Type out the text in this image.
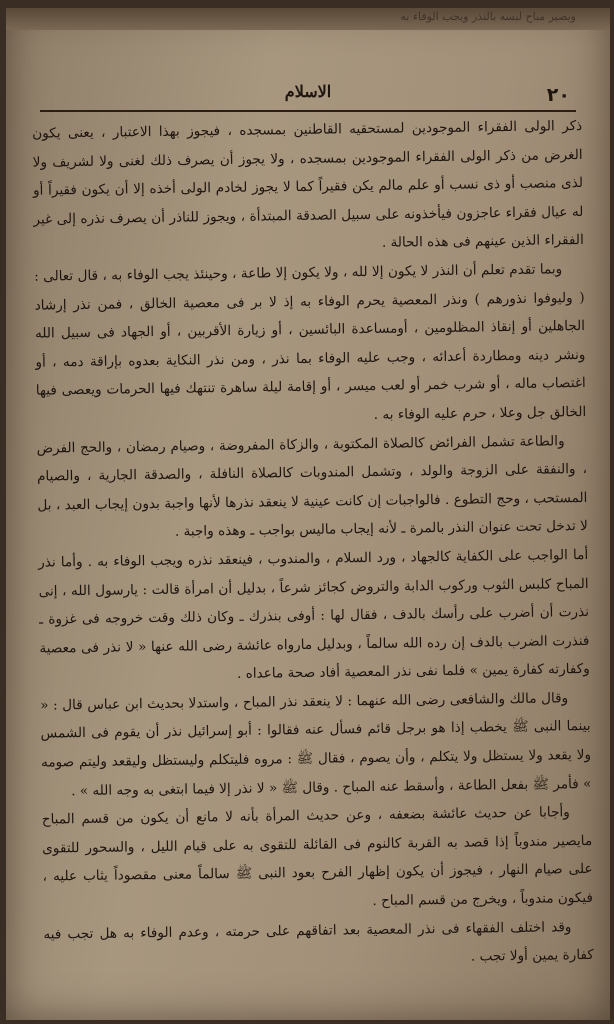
ويصير مباح لبسه بالنذر ويجب الوفاء به
٢٠
الاسلام

ذكر الولى الفقراء الموجودين لمستحقيه القاطنين بمسجده ، فيجوز بهذا الاعتبار ، يعنى يكون الغرض من ذكر الولى الفقراء الموجودين بمسجده ، ولا يجوز أن يصرف ذلك لغنى ولا لشريف ولا لذى منصب أو ذى نسب أو علم مالم يكن فقيراً كما لا يجوز لخادم الولى أخذه إلا أن يكون فقيراً أو له عيال فقراء عاجزون فيأخذونه على سبيل الصدقة المبتدأة ، ويجوز للناذر أن يصرف نذره إلى غير الفقراء الذين عينهم فى هذه الحالة .

وبما تقدم تعلم أن النذر لا يكون إلا لله ، ولا يكون إلا طاعة ، وحينئذ يجب الوفاء به ، قال تعالى : ( وليوفوا نذورهم ) ونذر المعصية يحرم الوفاء به إذ لا بر فى معصية الخالق ، فمن نذر إرشاد الجاهلين أو إنقاذ المظلومين ، أومساعدة البائسين ، أو زيارة الأقربين ، أو الجهاد فى سبيل الله ونشر دينه ومطاردة أعدائه ، وجب عليه الوفاء بما نذر ، ومن نذر النكاية بعدوه بإراقة دمه ، أو اغتصاب ماله ، أو شرب خمر أو لعب ميسر ، أو إقامة ليلة ساهرة تنتهك فيها الحرمات ويعصى فيها الخالق جل وعلا ، حرم عليه الوفاء به .

والطاعة تشمل الفرائض كالصلاة المكتوبة ، والزكاة المفروضة ، وصيام رمضان ، والحج الفرض ، والنفقة على الزوجة والولد ، وتشمل المندوبات كالصلاة النافلة ، والصدقة الجارية ، والصيام المستحب ، وحج التطوع . فالواجبات إن كانت عينية لا ينعقد نذرها لأنها واجبة بدون إيجاب العبد ، بل لا تدخل تحت عنوان النذر بالمرة ـ لأنه إيجاب ماليس بواجب ـ وهذه واجبة .

أما الواجب على الكفاية كالجهاد ، ورد السلام ، والمندوب ، فينعقد نذره ويجب الوفاء به . وأما نذر المباح كلبس الثوب وركوب الدابة والتروض كجائز شرعاً ، بدليل أن امرأة قالت : يارسول الله ، إنى نذرت أن أضرب على رأسك بالدف ، فقال لها : أوفى بنذرك ـ وكان ذلك وقت خروجه فى غزوة ـ فنذرت الضرب بالدف إن رده الله سالماً ، وبدليل مارواه عائشة رضى الله عنها « لا نذر فى معصية وكفارته كفارة يمين » فلما نفى نذر المعصية أفاد صحة ماعداه .

وقال مالك والشافعى رضى الله عنهما : لا ينعقد نذر المباح ، واستدلا بحديث ابن عباس قال : « بينما النبى ﷺ يخطب إذا هو برجل قائم فسأل عنه فقالوا : أبو إسرائيل نذر أن يقوم فى الشمس ولا يقعد ولا يستظل ولا يتكلم ، وأن يصوم ، فقال ﷺ : مروه فليتكلم وليستظل وليقعد وليتم صومه » فأمر ﷺ بفعل الطاعة ، وأسقط عنه المباح . وقال ﷺ « لا نذر إلا فيما ابتغى به وجه الله » .

وأجابا عن حديث عائشة بضعفه ، وعن حديث المرأة بأنه لا مانع أن يكون من قسم المباح مايصير مندوباً إذا قصد به القربة كالنوم فى القائلة للتقوى به على قيام الليل ، والسحور للتقوى على صيام النهار ، فيجوز أن يكون إظهار الفرح بعود النبى ﷺ سالماً معنى مقصوداً يثاب عليه ، فيكون مندوباً ، ويخرج من قسم المباح .

وقد اختلف الفقهاء فى نذر المعصية بعد اتفاقهم على حرمته ، وعدم الوفاء به هل تجب فيه كفارة يمين أولا تجب .
